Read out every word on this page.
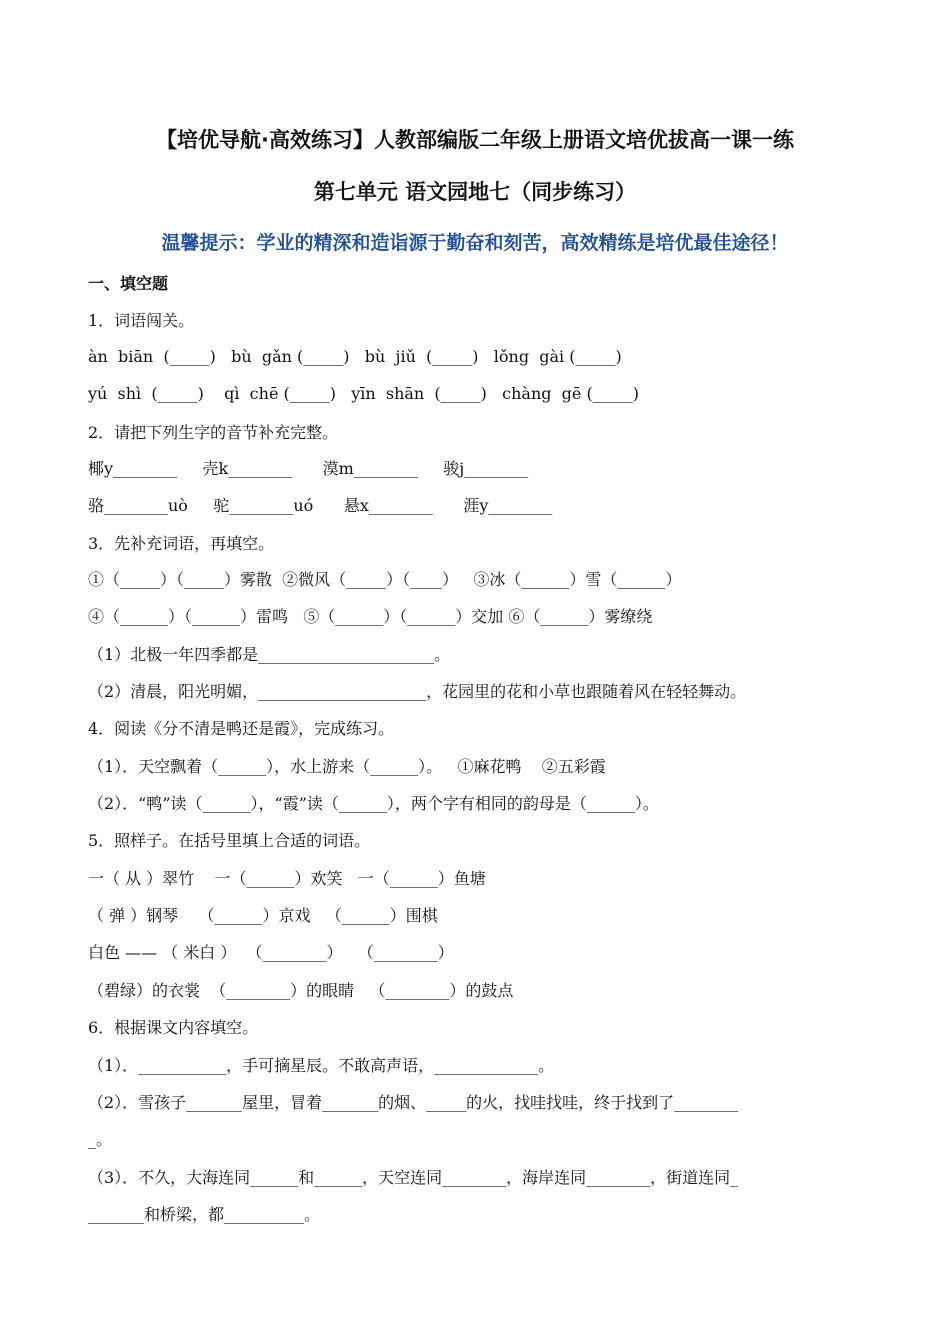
【培优导航·高效练习】人教部编版二年级上册语文培优拔高一课一练
第七单元 语文园地七（同步练习）
温馨提示：学业的精深和造诣源于勤奋和刻苦，高效精练是培优最佳途径！
一、填空题
1．词语闯关。
àn  biān  (_____)   bù  gǎn (_____)   bù  jiǔ  (_____)   lǒng  gài (_____)
yú  shì  (_____)    qì  chē (_____)   yīn  shān  (_____)   chàng  gē (_____)
2．请把下列生字的音节补充完整。
椰y________     壳k________      漠m________     骏j________
骆________uò     驼________uó      悬x________      涯y________
3．先补充词语，再填空。
①（_____）（_____）雾散  ②微风（_____）（____）   ③冰（______）雪（______）
④（______）（______）雷鸣   ⑤（______）（______）交加 ⑥（______）雾缭绕
（1）北极一年四季都是______________________。
（2）清晨，阳光明媚，_____________________，花园里的花和小草也跟随着风在轻轻舞动。
4．阅读《分不清是鸭还是霞》，完成练习。
（1）．天空飘着（______），水上游来（______）。   ①麻花鸭    ②五彩霞
（2）．“鸭”读（______），“霞”读（______），两个字有相同的韵母是（______）。
5．照样子。在括号里填上合适的词语。
一（ 从 ）翠竹    一（______）欢笑   一（______）鱼塘
（ 弹 ）钢琴    （______）京戏   （______）围棋
白色 —— （ 米白 ）  （________）   （________）
（碧绿）的衣裳  （________）的眼睛   （________）的鼓点
6．根据课文内容填空。
（1）．___________，手可摘星辰。不敢高声语，_____________。
（2）．雪孩子_______屋里，冒着_______的烟、_____的火，找哇找哇，终于找到了________
_。
（3）．不久，大海连同______和______，天空连同________，海岸连同________，街道连同_
_______和桥梁，都__________。
